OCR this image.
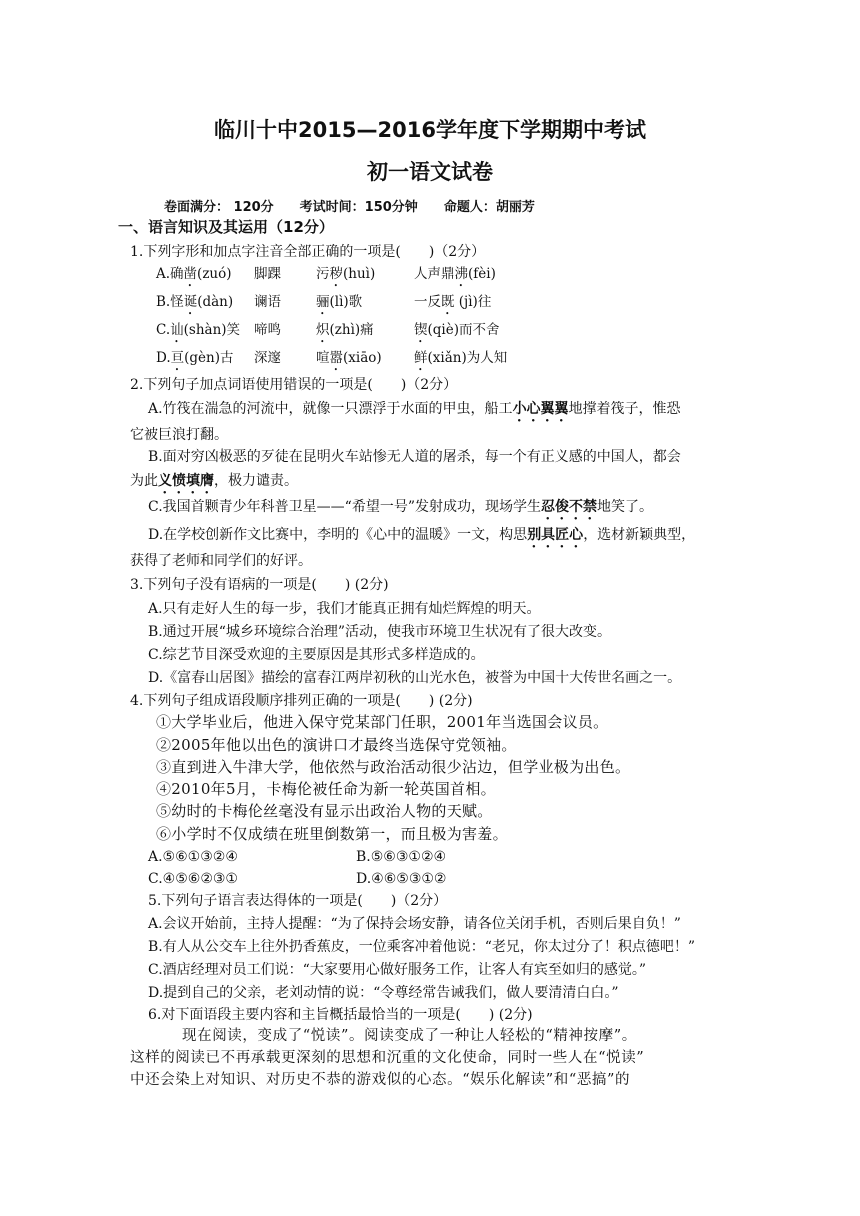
临川十中2015—2016学年度下学期期中考试
初一语文试卷
卷面满分： 120分 考试时间：150分钟 命题人：胡丽芳
一、语言知识及其运用（12分）
1.下列字形和加点字注音全部正确的一项是(　　)（2分）
A.确凿(zuó) 脚踝	污秽(huì)	人声鼎沸(fèi)
B.怪诞(dàn) 谰语	骊(lì)歌	一反既 (jì)往
C.讪(shàn)笑 啼鸣	炽(zhì)痛	锲(qiè)而不舍
D.亘(gèn)古 深邃	喧嚣(xiāo) 鲜(xiǎn)为人知
2.下列句子加点词语使用错误的一项是(　　)（2分）
A.竹筏在湍急的河流中，就像一只漂浮于水面的甲虫，船工小心翼翼地撑着筏子，惟恐
它被巨浪打翻。
B.面对穷凶极恶的歹徒在昆明火车站惨无人道的屠杀，每一个有正义感的中国人，都会
为此义愤填膺，极力谴责。
C.我国首颗青少年科普卫星——“希望一号”发射成功，现场学生忍俊不禁地笑了。
D.在学校创新作文比赛中，李明的《心中的温暖》一文，构思别具匠心，选材新颖典型，
获得了老师和同学们的好评。
3.下列句子没有语病的一项是(　　) (2分)
A.只有走好人生的每一步，我们才能真正拥有灿烂辉煌的明天。
B.通过开展“城乡环境综合治理”活动，使我市环境卫生状况有了很大改变。
C.综艺节目深受欢迎的主要原因是其形式多样造成的。
D.《富春山居图》描绘的富春江两岸初秋的山光水色，被誉为中国十大传世名画之一。
4.下列句子组成语段顺序排列正确的一项是(　　) (2分)
①大学毕业后，他进入保守党某部门任职，2001年当选国会议员。
②2005年他以出色的演讲口才最终当选保守党领袖。
③直到进入牛津大学，他依然与政治活动很少沾边，但学业极为出色。
④2010年5月，卡梅伦被任命为新一轮英国首相。
⑤幼时的卡梅伦丝毫没有显示出政治人物的天赋。
⑥小学时不仅成绩在班里倒数第一，而且极为害羞。
A.⑤⑥①③②④	B.⑤⑥③①②④
C.④⑤⑥②③①	D.④⑥⑤③①②
5.下列句子语言表达得体的一项是(　　)（2分）
A.会议开始前，主持人提醒：“为了保持会场安静，请各位关闭手机，否则后果自负！”
B.有人从公交车上往外扔香蕉皮，一位乘客冲着他说：“老兄，你太过分了！积点德吧！”
C.酒店经理对员工们说：“大家要用心做好服务工作，让客人有宾至如归的感觉。”
D.提到自己的父亲，老刘动情的说：“令尊经常告诫我们，做人要清清白白。”
6.对下面语段主要内容和主旨概括最恰当的一项是(　　) (2分)
现在阅读，变成了“悦读”。阅读变成了一种让人轻松的“精神按摩”。
这样的阅读已不再承载更深刻的思想和沉重的文化使命，同时一些人在“悦读”
中还会染上对知识、对历史不恭的游戏似的心态。“娱乐化解读”和“恶搞”的
